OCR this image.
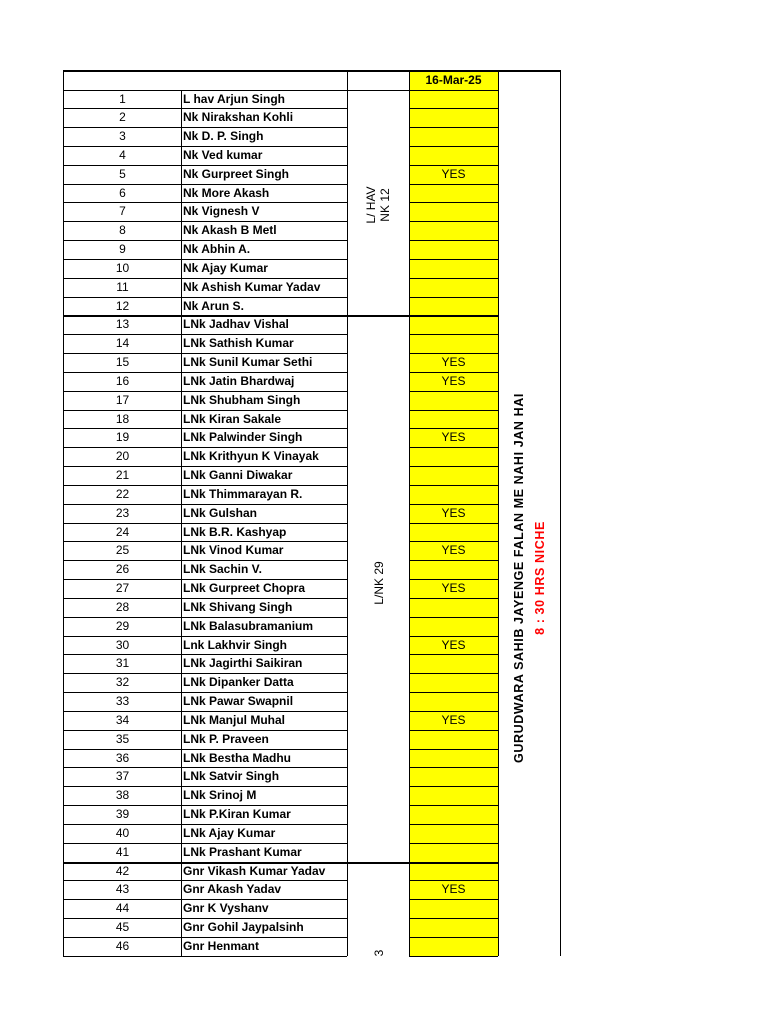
1	L hav Arjun Singh
2	Nk Nirakshan Kohli
3	Nk D. P. Singh
4	Nk Ved kumar
5	Nk Gurpreet Singh	YES
6	Nk More Akash
7	Nk Vignesh V
8	Nk Akash B Metl
9	Nk Abhin A.
10	Nk Ajay Kumar
11	Nk Ashish Kumar Yadav
12	Nk Arun S.
13	LNk Jadhav Vishal
14	LNk Sathish Kumar
15	LNk Sunil Kumar Sethi	YES
16	LNk Jatin Bhardwaj	YES
17	LNk Shubham Singh
18	LNk Kiran Sakale
19	LNk Palwinder Singh	YES
20	LNk Krithyun K Vinayak
21	LNk Ganni Diwakar
22	LNk Thimmarayan R.
23	LNk Gulshan	YES
24	LNk B.R. Kashyap
25	LNk Vinod Kumar	YES
26	LNk Sachin V.
27	LNk Gurpreet Chopra	YES
28	LNk Shivang Singh
29	LNk Balasubramanium
30	Lnk Lakhvir Singh	YES
31	LNk Jagirthi Saikiran
32	LNk Dipanker Datta
33	LNk Pawar Swapnil
34	LNk Manjul Muhal	YES
35	LNk P. Praveen
36	LNk Bestha Madhu
37	LNk Satvir Singh
38	LNk Srinoj M
39	LNk P.Kiran Kumar
40	LNk Ajay Kumar
41	LNk Prashant Kumar
42	Gnr Vikash Kumar Yadav
43	Gnr Akash Yadav	YES
44	Gnr K Vyshanv
45	Gnr Gohil Jaypalsinh
46	Gnr Henmant
16-Mar-25
L/ HAV NK 12
L/NK 29
3
GURUDWARA SAHIB JAYENGE FALAN ME NAHI JAN HAI 8 : 30 HRS NICHE
